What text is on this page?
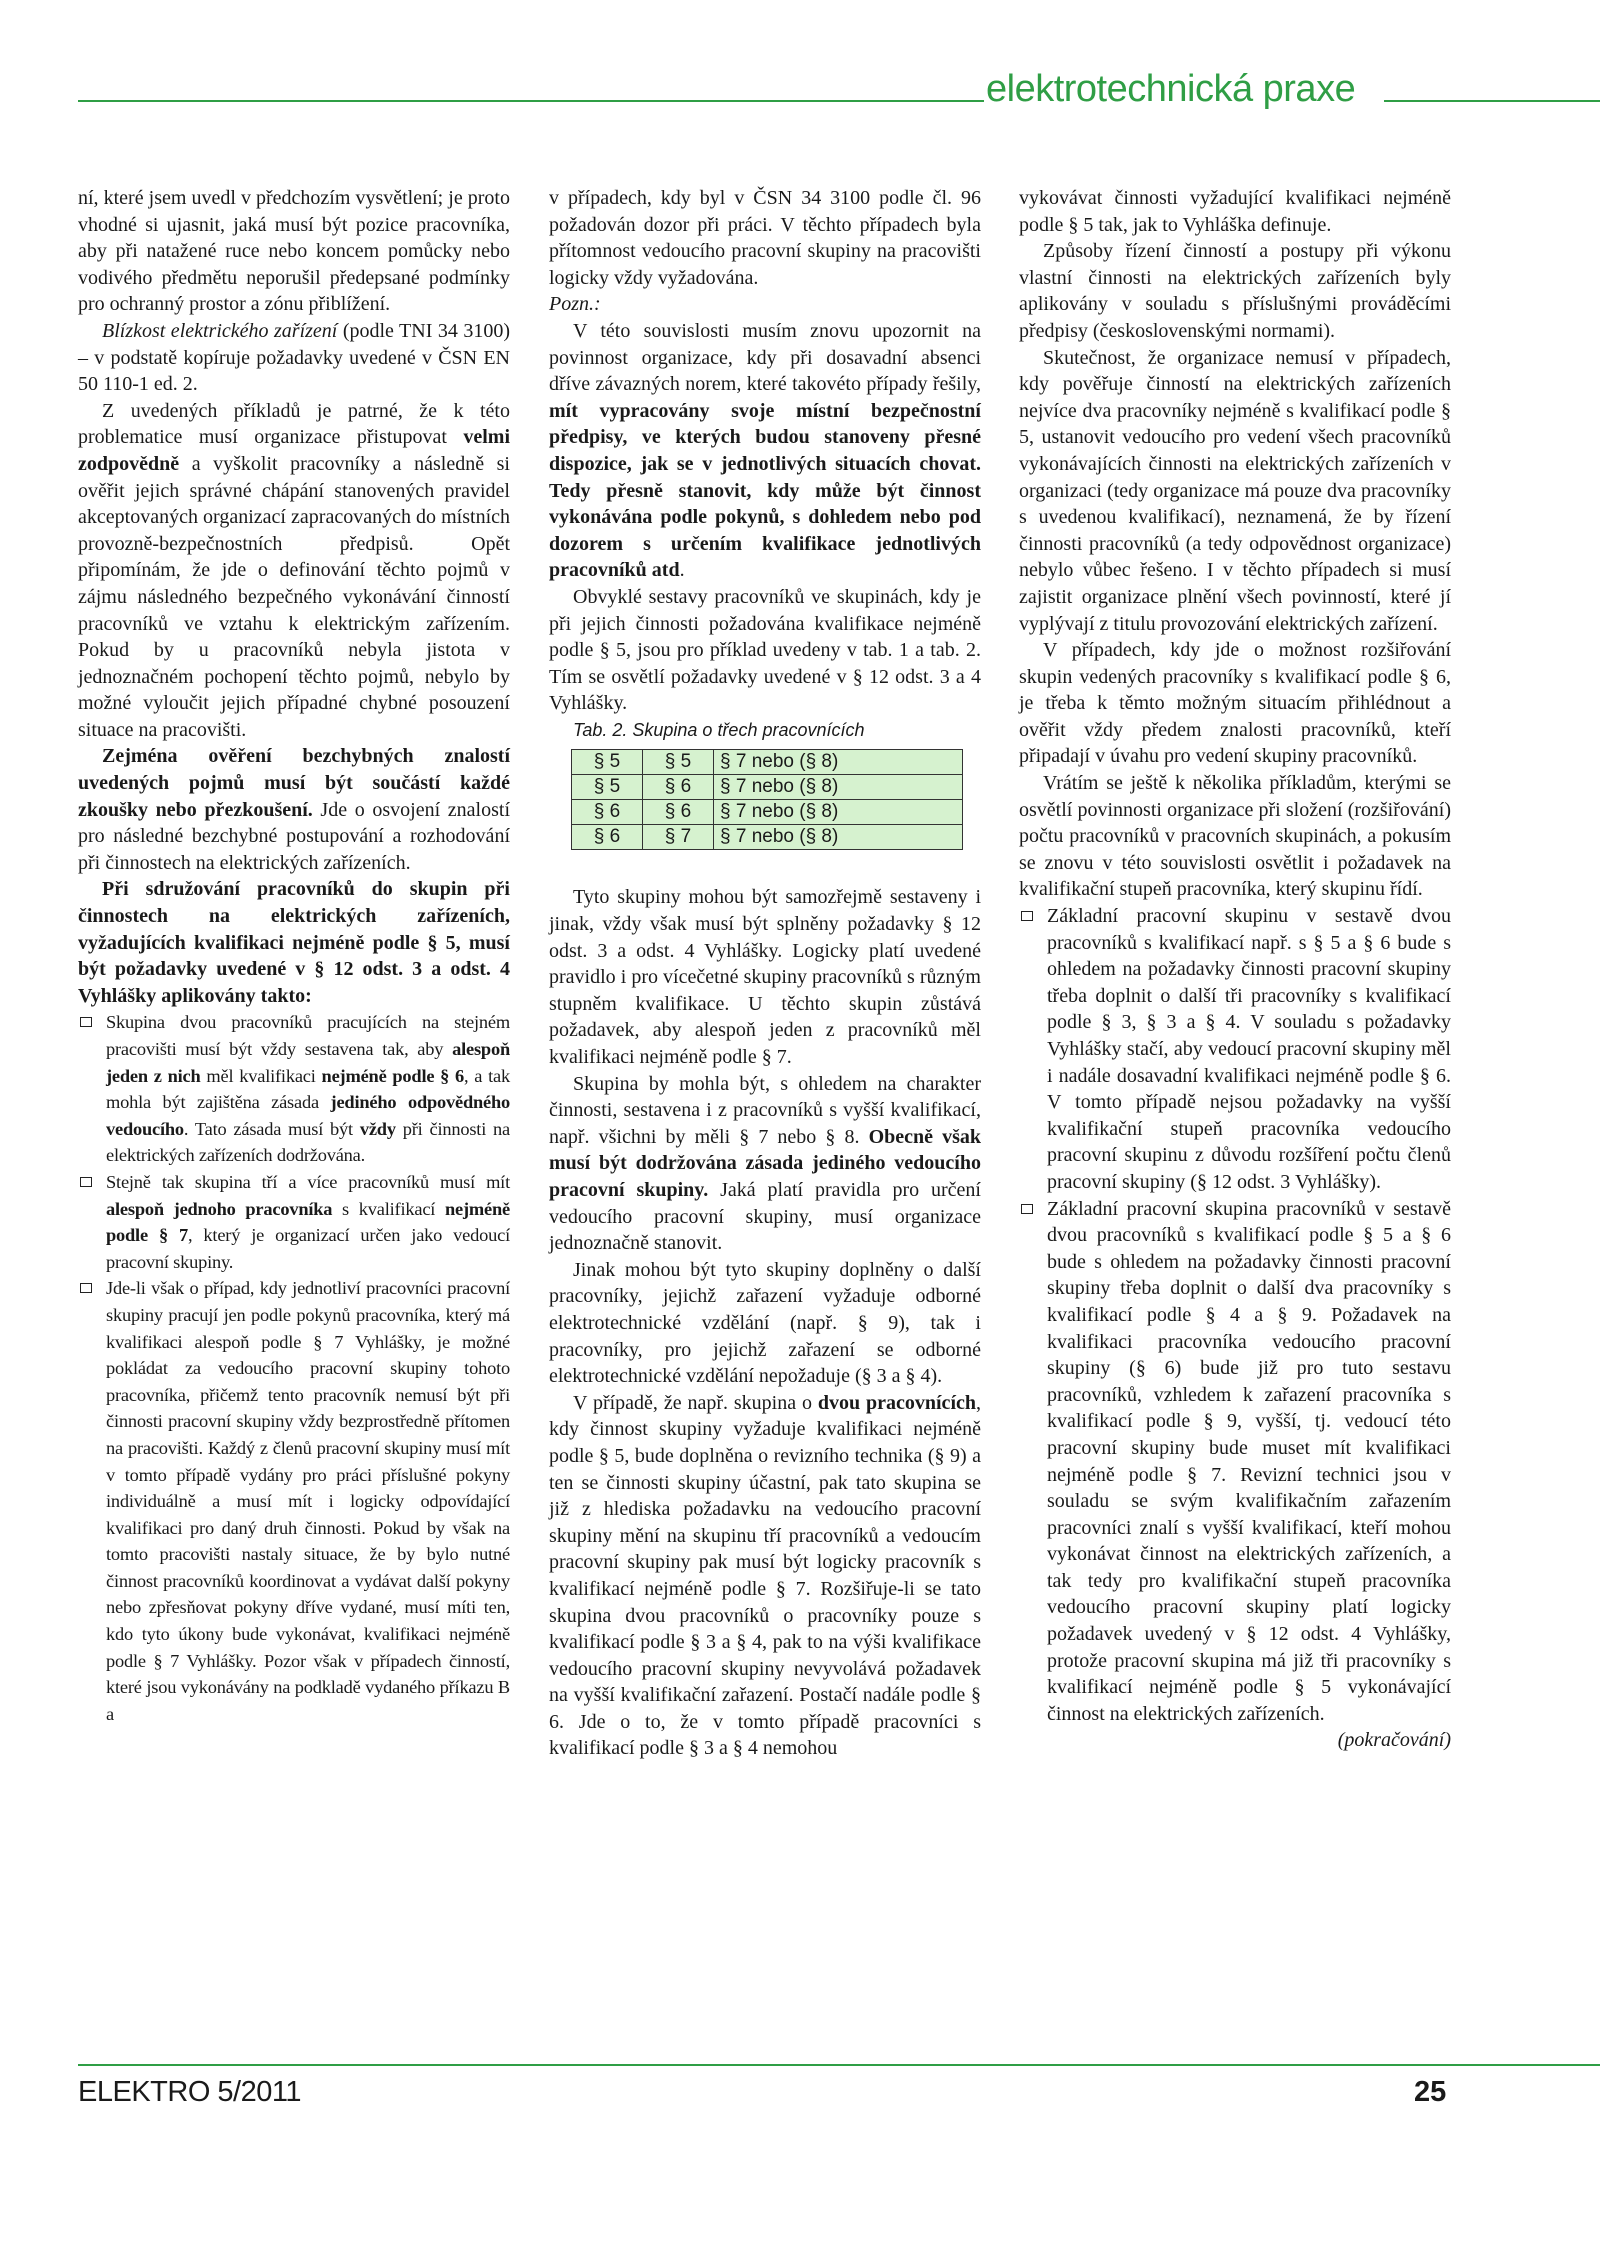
elektrotechnická praxe

ní, které jsem uvedl v předchozím vysvětlení; je proto vhodné si ujasnit, jaká musí být pozice pracovníka, aby při natažené ruce nebo koncem pomůcky nebo vodivého předmětu neporušil předepsané podmínky pro ochranný prostor a zónu přiblížení.

Blízkost elektrického zařízení (podle TNI 34 3100) – v podstatě kopíruje požadavky uvedené v ČSN EN 50 110-1 ed. 2.

Z uvedených příkladů je patrné, že k této problematice musí organizace přistupovat velmi zodpovědně a vyškolit pracovníky a následně si ověřit jejich správné chápání stanovených pravidel akceptovaných organizací zapracovaných do místních provozně-bezpečnostních předpisů. Opět připomínám, že jde o definování těchto pojmů v zájmu následného bezpečného vykonávání činností pracovníků ve vztahu k elektrickým zařízením. Pokud by u pracovníků nebyla jistota v jednoznačném pochopení těchto pojmů, nebylo by možné vyloučit jejich případné chybné posouzení situace na pracovišti.

Zejména ověření bezchybných znalostí uvedených pojmů musí být součástí každé zkoušky nebo přezkoušení. Jde o osvojení znalostí pro následné bezchybné postupování a rozhodování při činnostech na elektrických zařízeních.

Při sdružování pracovníků do skupin při činnostech na elektrických zařízeních, vyžadujících kvalifikaci nejméně podle § 5, musí být požadavky uvedené v § 12 odst. 3 a odst. 4 Vyhlášky aplikovány takto:

Skupina dvou pracovníků pracujících na stejném pracovišti musí být vždy sestavena tak, aby alespoň jeden z nich měl kvalifikaci nejméně podle § 6, a tak mohla být zajištěna zásada jediného odpovědného vedoucího. Tato zásada musí být vždy při činnosti na elektrických zařízeních dodržována.
Stejně tak skupina tří a více pracovníků musí mít alespoň jednoho pracovníka s kvalifikací nejméně podle § 7, který je organizací určen jako vedoucí pracovní skupiny.
Jde-li však o případ, kdy jednotliví pracovníci pracovní skupiny pracují jen podle pokynů pracovníka, který má kvalifikaci alespoň podle § 7 Vyhlášky, je možné pokládat za vedoucího pracovní skupiny tohoto pracovníka, přičemž tento pracovník nemusí být při činnosti pracovní skupiny vždy bezprostředně přítomen na pracovišti. Každý z členů pracovní skupiny musí mít v tomto případě vydány pro práci příslušné pokyny individuálně a musí mít i logicky odpovídající kvalifikaci pro daný druh činnosti. Pokud by však na tomto pracovišti nastaly situace, že by bylo nutné činnost pracovníků koordinovat a vydávat další pokyny nebo zpřesňovat pokyny dříve vydané, musí míti ten, kdo tyto úkony bude vykonávat, kvalifikaci nejméně podle § 7 Vyhlášky. Pozor však v případech činností, které jsou vykonávány na podkladě vydaného příkazu B a

v případech, kdy byl v ČSN 34 3100 podle čl. 96 požadován dozor při práci. V těchto případech byla přítomnost vedoucího pracovní skupiny na pracovišti logicky vždy vyžadována.

Pozn.:

V této souvislosti musím znovu upozornit na povinnost organizace, kdy při dosavadní absenci dříve závazných norem, které takovéto případy řešily, mít vypracovány svoje místní bezpečnostní předpisy, ve kterých budou stanoveny přesné dispozice, jak se v jednotlivých situacích chovat. Tedy přesně stanovit, kdy může být činnost vykonávána podle pokynů, s dohledem nebo pod dozorem s určením kvalifikace jednotlivých pracovníků atd.

Obvyklé sestavy pracovníků ve skupinách, kdy je při jejich činnosti požadována kvalifikace nejméně podle § 5, jsou pro příklad uvedeny v tab. 1 a tab. 2. Tím se osvětlí požadavky uvedené v § 12 odst. 3 a 4 Vyhlášky.

Tab. 2. Skupina o třech pracovnících

§ 5	§ 5	§ 7 nebo (§ 8)
§ 5	§ 6	§ 7 nebo (§ 8)
§ 6	§ 6	§ 7 nebo (§ 8)
§ 6	§ 7	§ 7 nebo (§ 8)

Tyto skupiny mohou být samozřejmě sestaveny i jinak, vždy však musí být splněny požadavky § 12 odst. 3 a odst. 4 Vyhlášky. Logicky platí uvedené pravidlo i pro vícečetné skupiny pracovníků s různým stupněm kvalifikace. U těchto skupin zůstává požadavek, aby alespoň jeden z pracovníků měl kvalifikaci nejméně podle § 7.

Skupina by mohla být, s ohledem na charakter činnosti, sestavena i z pracovníků s vyšší kvalifikací, např. všichni by měli § 7 nebo § 8. Obecně však musí být dodržována zásada jediného vedoucího pracovní skupiny. Jaká platí pravidla pro určení vedoucího pracovní skupiny, musí organizace jednoznačně stanovit.

Jinak mohou být tyto skupiny doplněny o další pracovníky, jejichž zařazení vyžaduje odborné elektrotechnické vzdělání (např. § 9), tak i pracovníky, pro jejichž zařazení se odborné elektrotechnické vzdělání nepožaduje (§ 3 a § 4).

V případě, že např. skupina o dvou pracovnících, kdy činnost skupiny vyžaduje kvalifikaci nejméně podle § 5, bude doplněna o revizního technika (§ 9) a ten se činnosti skupiny účastní, pak tato skupina se již z hlediska požadavku na vedoucího pracovní skupiny mění na skupinu tří pracovníků a vedoucím pracovní skupiny pak musí být logicky pracovník s kvalifikací nejméně podle § 7. Rozšiřuje-li se tato skupina dvou pracovníků o pracovníky pouze s kvalifikací podle § 3 a § 4, pak to na výši kvalifikace vedoucího pracovní skupiny nevyvolává požadavek na vyšší kvalifikační zařazení. Postačí nadále podle § 6. Jde o to, že v tomto případě pracovníci s kvalifikací podle § 3 a § 4 nemohou

vykovávat činnosti vyžadující kvalifikaci nejméně podle § 5 tak, jak to Vyhláška definuje.

Způsoby řízení činností a postupy při výkonu vlastní činnosti na elektrických zařízeních byly aplikovány v souladu s příslušnými prováděcími předpisy (československými normami).

Skutečnost, že organizace nemusí v případech, kdy pověřuje činností na elektrických zařízeních nejvíce dva pracovníky nejméně s kvalifikací podle § 5, ustanovit vedoucího pro vedení všech pracovníků vykonávajících činnosti na elektrických zařízeních v organizaci (tedy organizace má pouze dva pracovníky s uvedenou kvalifikací), neznamená, že by řízení činnosti pracovníků (a tedy odpovědnost organizace) nebylo vůbec řešeno. I v těchto případech si musí zajistit organizace plnění všech povinností, které jí vyplývají z titulu provozování elektrických zařízení.

V případech, kdy jde o možnost rozšiřování skupin vedených pracovníky s kvalifikací podle § 6, je třeba k těmto možným situacím přihlédnout a ověřit vždy předem znalosti pracovníků, kteří připadají v úvahu pro vedení skupiny pracovníků.

Vrátím se ještě k několika příkladům, kterými se osvětlí povinnosti organizace při složení (rozšiřování) počtu pracovníků v pracovních skupinách, a pokusím se znovu v této souvislosti osvětlit i požadavek na kvalifikační stupeň pracovníka, který skupinu řídí.

Základní pracovní skupinu v sestavě dvou pracovníků s kvalifikací např. s § 5 a § 6 bude s ohledem na požadavky činnosti pracovní skupiny třeba doplnit o další tři pracovníky s kvalifikací podle § 3, § 3 a § 4. V souladu s požadavky Vyhlášky stačí, aby vedoucí pracovní skupiny měl i nadále dosavadní kvalifikaci nejméně podle § 6. V tomto případě nejsou požadavky na vyšší kvalifikační stupeň pracovníka vedoucího pracovní skupinu z důvodu rozšíření počtu členů pracovní skupiny (§ 12 odst. 3 Vyhlášky).
Základní pracovní skupina pracovníků v sestavě dvou pracovníků s kvalifikací podle § 5 a § 6 bude s ohledem na požadavky činnosti pracovní skupiny třeba doplnit o další dva pracovníky s kvalifikací podle § 4 a § 9. Požadavek na kvalifikaci pracovníka vedoucího pracovní skupiny (§ 6) bude již pro tuto sestavu pracovníků, vzhledem k zařazení pracovníka s kvalifikací podle § 9, vyšší, tj. vedoucí této pracovní skupiny bude muset mít kvalifikaci nejméně podle § 7. Revizní technici jsou v souladu se svým kvalifikačním zařazením pracovníci znalí s vyšší kvalifikací, kteří mohou vykonávat činnost na elektrických zařízeních, a tak tedy pro kvalifikační stupeň pracovníka vedoucího pracovní skupiny platí logicky požadavek uvedený v § 12 odst. 4 Vyhlášky, protože pracovní skupina má již tři pracovníky s kvalifikací nejméně podle § 5 vykonávající činnost na elektrických zařízeních.

(pokračování)

ELEKTRO 5/2011	25
